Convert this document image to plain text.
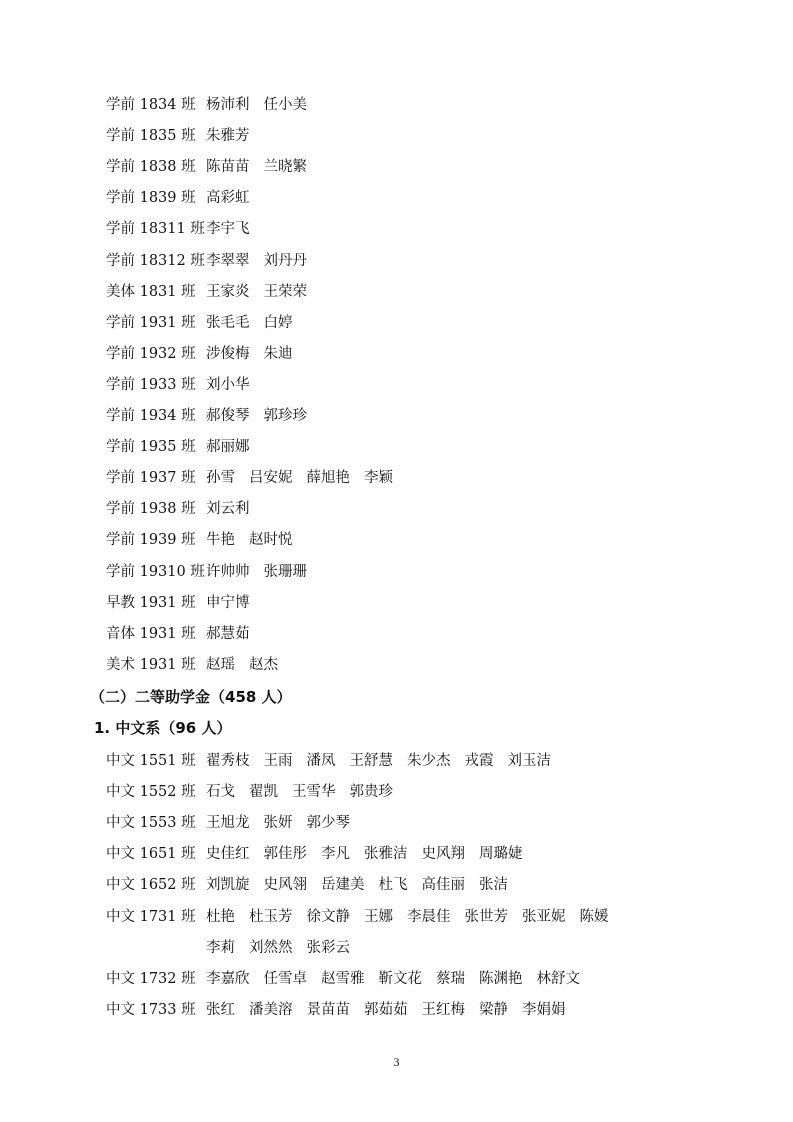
学前 1834 班 杨沛利 任小美
学前 1835 班 朱雅芳
学前 1838 班 陈苗苗 兰晓繁
学前 1839 班 高彩虹
学前 18311 班李宇飞
学前 18312 班李翠翠 刘丹丹
美体 1831 班 王家炎 王荣荣
学前 1931 班 张毛毛 白婷
学前 1932 班 涉俊梅 朱迪
学前 1933 班 刘小华
学前 1934 班 郝俊琴 郭珍珍
学前 1935 班 郝丽娜
学前 1937 班 孙雪 吕安妮 薛旭艳 李颖
学前 1938 班 刘云利
学前 1939 班 牛艳 赵时悦
学前 19310 班许帅帅 张珊珊
早教 1931 班 申宁博
音体 1931 班 郝慧茹
美术 1931 班 赵瑶 赵杰
（二）二等助学金（458 人）
1. 中文系（96 人）
中文 1551 班 翟秀枝 王雨 潘凤 王舒慧 朱少杰 戎霞 刘玉洁
中文 1552 班 石戈 翟凯 王雪华 郭贵珍
中文 1553 班 王旭龙 张妍 郭少琴
中文 1651 班 史佳红 郭佳彤 李凡 张雅洁 史风翔 周璐婕
中文 1652 班 刘凯旋 史风翎 岳建美 杜飞 高佳丽 张洁
中文 1731 班 杜艳 杜玉芳 徐文静 王娜 李晨佳 张世芳 张亚妮 陈媛
李莉 刘然然 张彩云
中文 1732 班 李嘉欣 任雪卓 赵雪雅 靳文花 蔡瑞 陈渊艳 林舒文
中文 1733 班 张红 潘美溶 景苗苗 郭茹茹 王红梅 梁静 李娟娟
3
